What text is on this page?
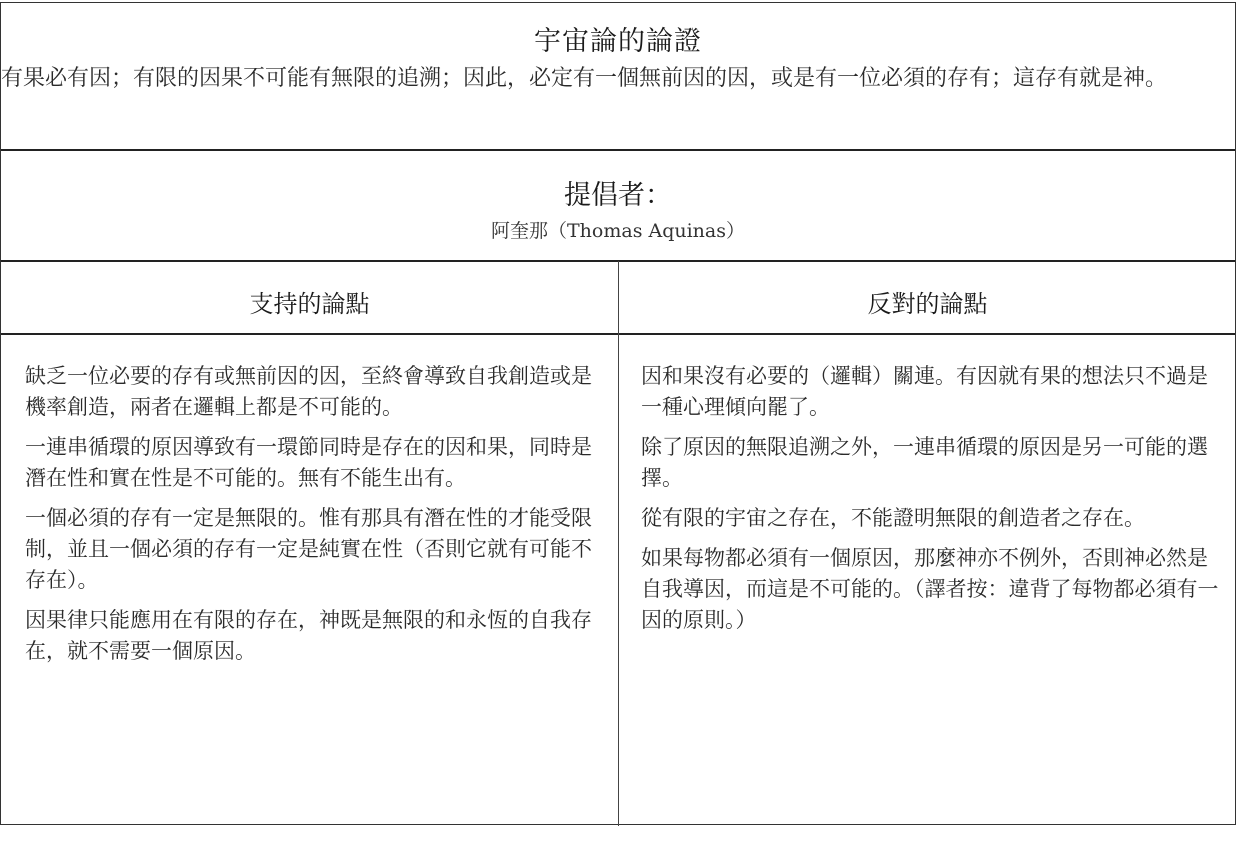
宇宙論的論證
有果必有因；有限的因果不可能有無限的追溯；因此，必定有一個無前因的因，或是有一位必須的存有；這存有就是神。
提倡者：
阿奎那（Thomas Aquinas）
支持的論點	反對的論點

缺乏一位必要的存有或無前因的因，至終會導致自我創造或是機率創造，兩者在邏輯上都是不可能的。

一連串循環的原因導致有一環節同時是存在的因和果，同時是潛在性和實在性是不可能的。無有不能生出有。

一個必須的存有一定是無限的。惟有那具有潛在性的才能受限制，並且一個必須的存有一定是純實在性（否則它就有可能不存在）。

因果律只能應用在有限的存在，神既是無限的和永恆的自我存在，就不需要一個原因。

因和果沒有必要的（邏輯）關連。有因就有果的想法只不過是一種心理傾向罷了。

除了原因的無限追溯之外，一連串循環的原因是另一可能的選擇。

從有限的宇宙之存在，不能證明無限的創造者之存在。

如果每物都必須有一個原因，那麼神亦不例外，否則神必然是自我導因，而這是不可能的。（譯者按：違背了每物都必須有一因的原則。）
